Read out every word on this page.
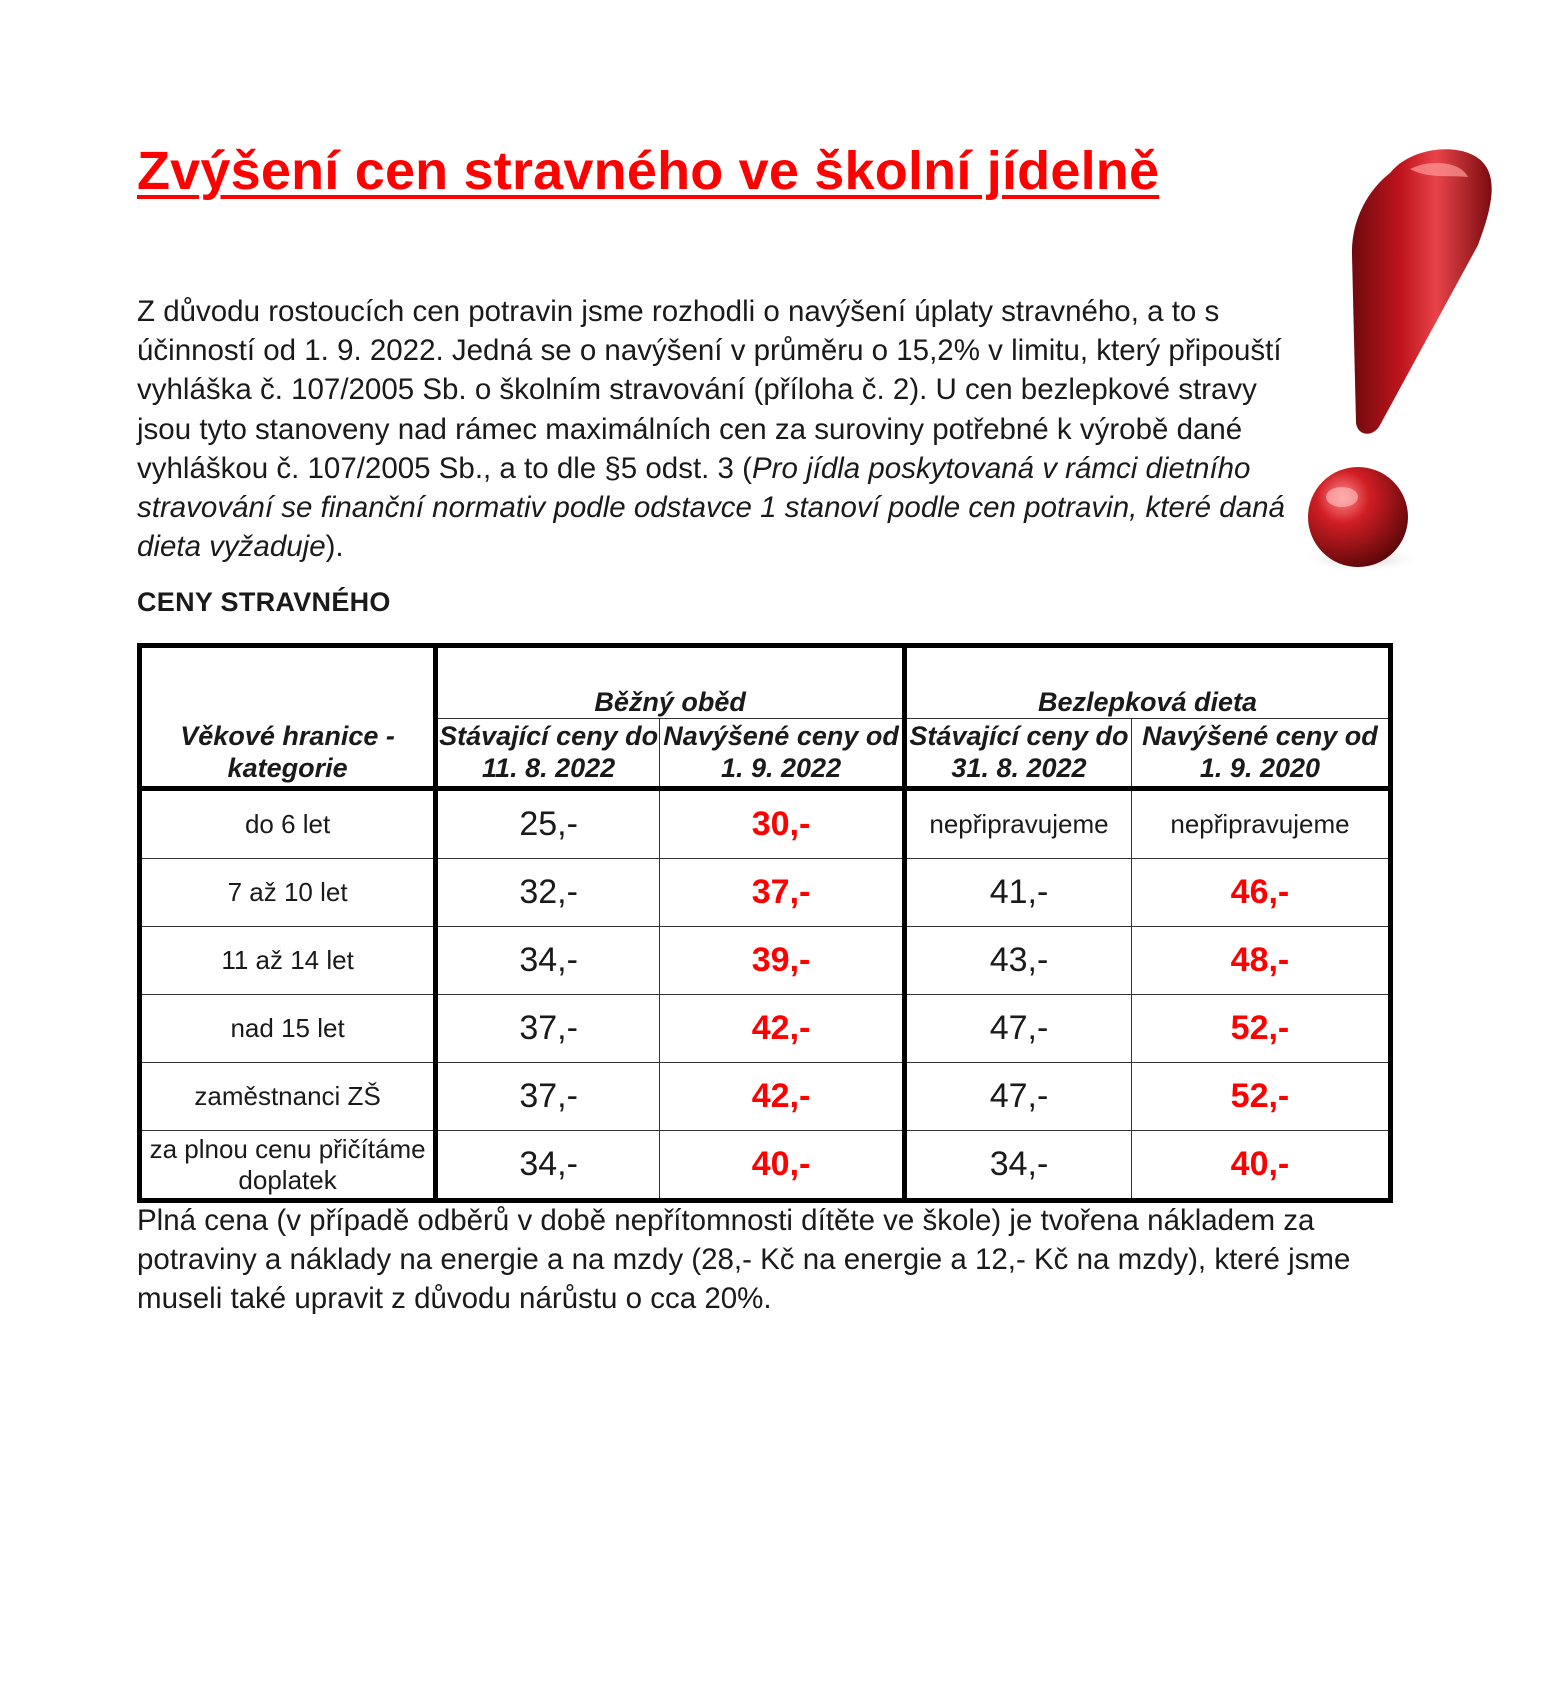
Zvýšení cen stravného ve školní jídelně

Z důvodu rostoucích cen potravin jsme rozhodli o navýšení úplaty stravného, a to s účinností od 1. 9. 2022. Jedná se o navýšení v průměru o 15,2% v limitu, který připouští vyhláška č. 107/2005 Sb. o školním stravování (příloha č. 2). U cen bezlepkové stravy jsou tyto stanoveny nad rámec maximálních cen za suroviny potřebné k výrobě dané vyhláškou č. 107/2005 Sb., a to dle §5 odst. 3 (Pro jídla poskytovaná v rámci dietního stravování se finanční normativ podle odstavce 1 stanoví podle cen potravin, které daná dieta vyžaduje).

CENY STRAVNÉHO
Věkové hranice - kategorie	Běžný oběd		Bezlepková dieta	
	Stávající ceny do 11. 8. 2022	Navýšené ceny od 1. 9. 2022	Stávající ceny do 31. 8. 2022	Navýšené ceny od 1. 9. 2020
do 6 let	25,-	30,-	nepřipravujeme	nepřipravujeme
7 až 10 let	32,-	37,-	41,-	46,-
11 až 14 let	34,-	39,-	43,-	48,-
nad 15 let	37,-	42,-	47,-	52,-
zaměstnanci ZŠ	37,-	42,-	47,-	52,-
za plnou cenu přičítáme doplatek	34,-	40,-	34,-	40,-

Plná cena (v případě odběrů v době nepřítomnosti dítěte ve škole) je tvořena nákladem za potraviny a náklady na energie a na mzdy (28,- Kč na energie a 12,- Kč na mzdy), které jsme museli také upravit z důvodu nárůstu o cca 20%.
